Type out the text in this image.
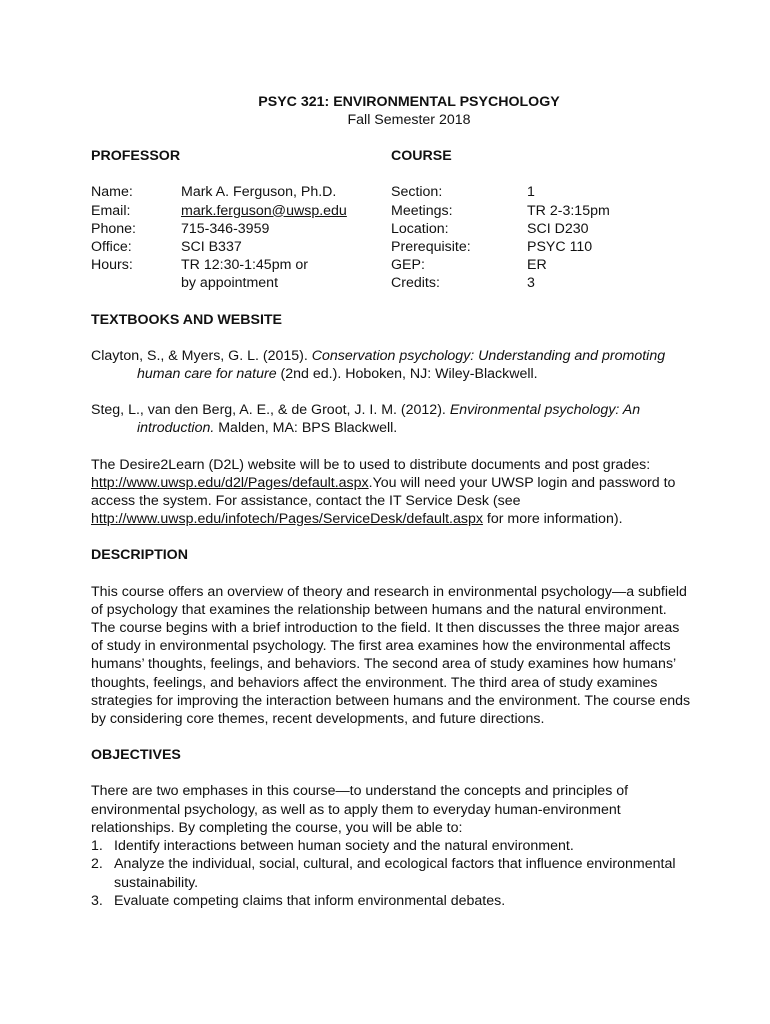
PSYC 321: ENVIRONMENTAL PSYCHOLOGY
Fall Semester 2018
PROFESSOR
Name:	Mark A. Ferguson, Ph.D.
Email:	mark.ferguson@uwsp.edu
Phone:	715-346-3959
Office:	SCI B337
Hours:	TR 12:30-1:45pm or
by appointment
COURSE
Section:	1
Meetings:	TR 2-3:15pm
Location:	SCI D230
Prerequisite:	PSYC 110
GEP:	ER
Credits:	3
TEXTBOOKS AND WEBSITE

Clayton, S., & Myers, G. L. (2015). Conservation psychology: Understanding and promoting human care for nature (2nd ed.). Hoboken, NJ: Wiley-Blackwell.

Steg, L., van den Berg, A. E., & de Groot, J. I. M. (2012). Environmental psychology: An introduction. Malden, MA: BPS Blackwell.

The Desire2Learn (D2L) website will be to used to distribute documents and post grades: http://www.uwsp.edu/d2l/Pages/default.aspx.You will need your UWSP login and password to access the system. For assistance, contact the IT Service Desk (see http://www.uwsp.edu/infotech/Pages/ServiceDesk/default.aspx for more information).

DESCRIPTION

This course offers an overview of theory and research in environmental psychology—a subfield of psychology that examines the relationship between humans and the natural environment. The course begins with a brief introduction to the field. It then discusses the three major areas of study in environmental psychology. The first area examines how the environmental affects humans’ thoughts, feelings, and behaviors. The second area of study examines how humans’ thoughts, feelings, and behaviors affect the environment. The third area of study examines strategies for improving the interaction between humans and the environment. The course ends by considering core themes, recent developments, and future directions.

OBJECTIVES

There are two emphases in this course—to understand the concepts and principles of environmental psychology, as well as to apply them to everyday human-environment relationships. By completing the course, you will be able to:

1. Identify interactions between human society and the natural environment.
2. Analyze the individual, social, cultural, and ecological factors that influence environmental sustainability.
3. Evaluate competing claims that inform environmental debates.
